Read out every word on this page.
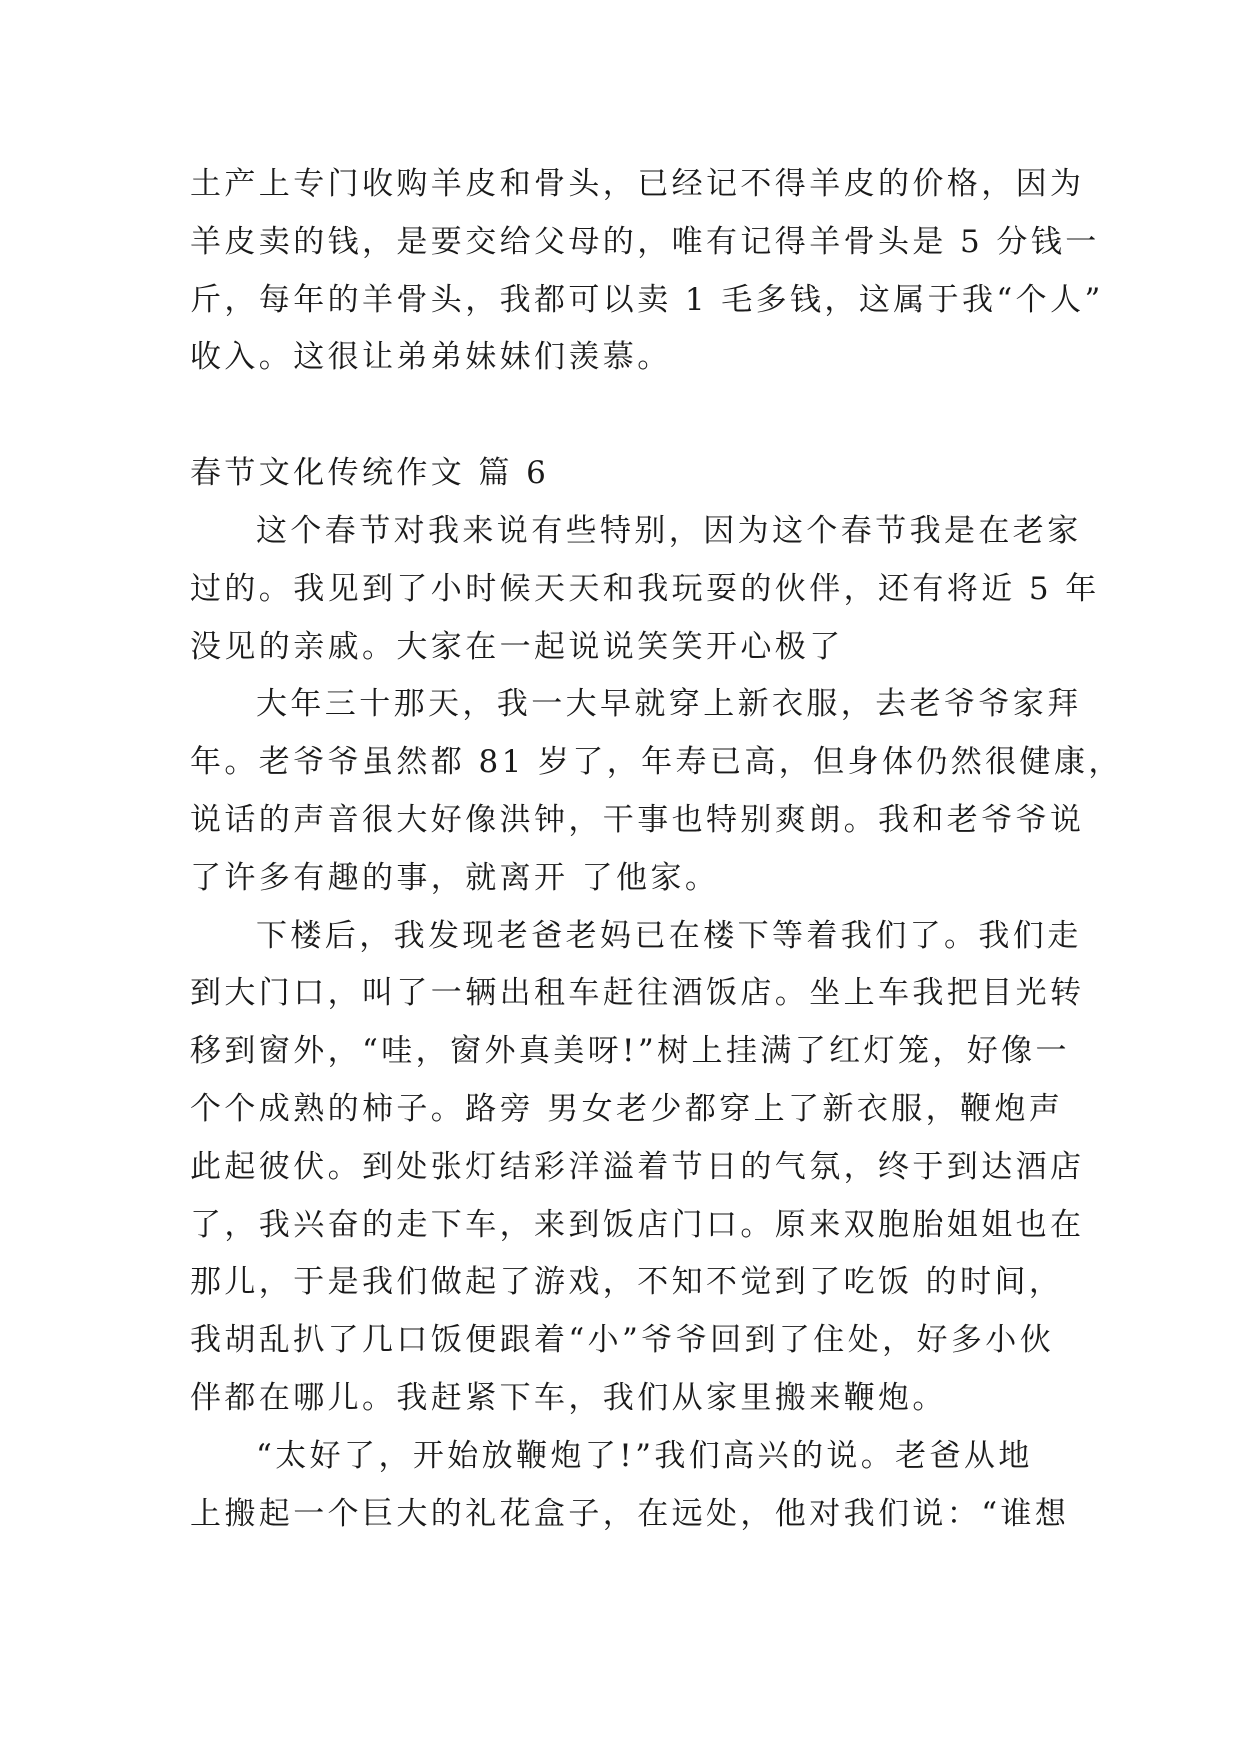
土产上专门收购羊皮和骨头，已经记不得羊皮的价格，因为
羊皮卖的钱，是要交给父母的，唯有记得羊骨头是 5 分钱一
斤，每年的羊骨头，我都可以卖 1 毛多钱，这属于我“个人”
收入。这很让弟弟妹妹们羡慕。
春节文化传统作文 篇 6
这个春节对我来说有些特别，因为这个春节我是在老家
过的。我见到了小时候天天和我玩耍的伙伴，还有将近 5 年
没见的亲戚。大家在一起说说笑笑开心极了
大年三十那天，我一大早就穿上新衣服，去老爷爷家拜
年。老爷爷虽然都 81 岁了，年寿已高，但身体仍然很健康，
说话的声音很大好像洪钟，干事也特别爽朗。我和老爷爷说
了许多有趣的事，就离开 了他家。
下楼后，我发现老爸老妈已在楼下等着我们了。我们走
到大门口，叫了一辆出租车赶往酒饭店。坐上车我把目光转
移到窗外，“哇，窗外真美呀!”树上挂满了红灯笼，好像一
个个成熟的柿子。路旁 男女老少都穿上了新衣服，鞭炮声
此起彼伏。到处张灯结彩洋溢着节日的气氛，终于到达酒店
了，我兴奋的走下车，来到饭店门口。原来双胞胎姐姐也在
那儿，于是我们做起了游戏，不知不觉到了吃饭 的时间，
我胡乱扒了几口饭便跟着“小”爷爷回到了住处，好多小伙
伴都在哪儿。我赶紧下车，我们从家里搬来鞭炮。
“太好了，开始放鞭炮了!”我们高兴的说。老爸从地
上搬起一个巨大的礼花盒子，在远处，他对我们说：“谁想
